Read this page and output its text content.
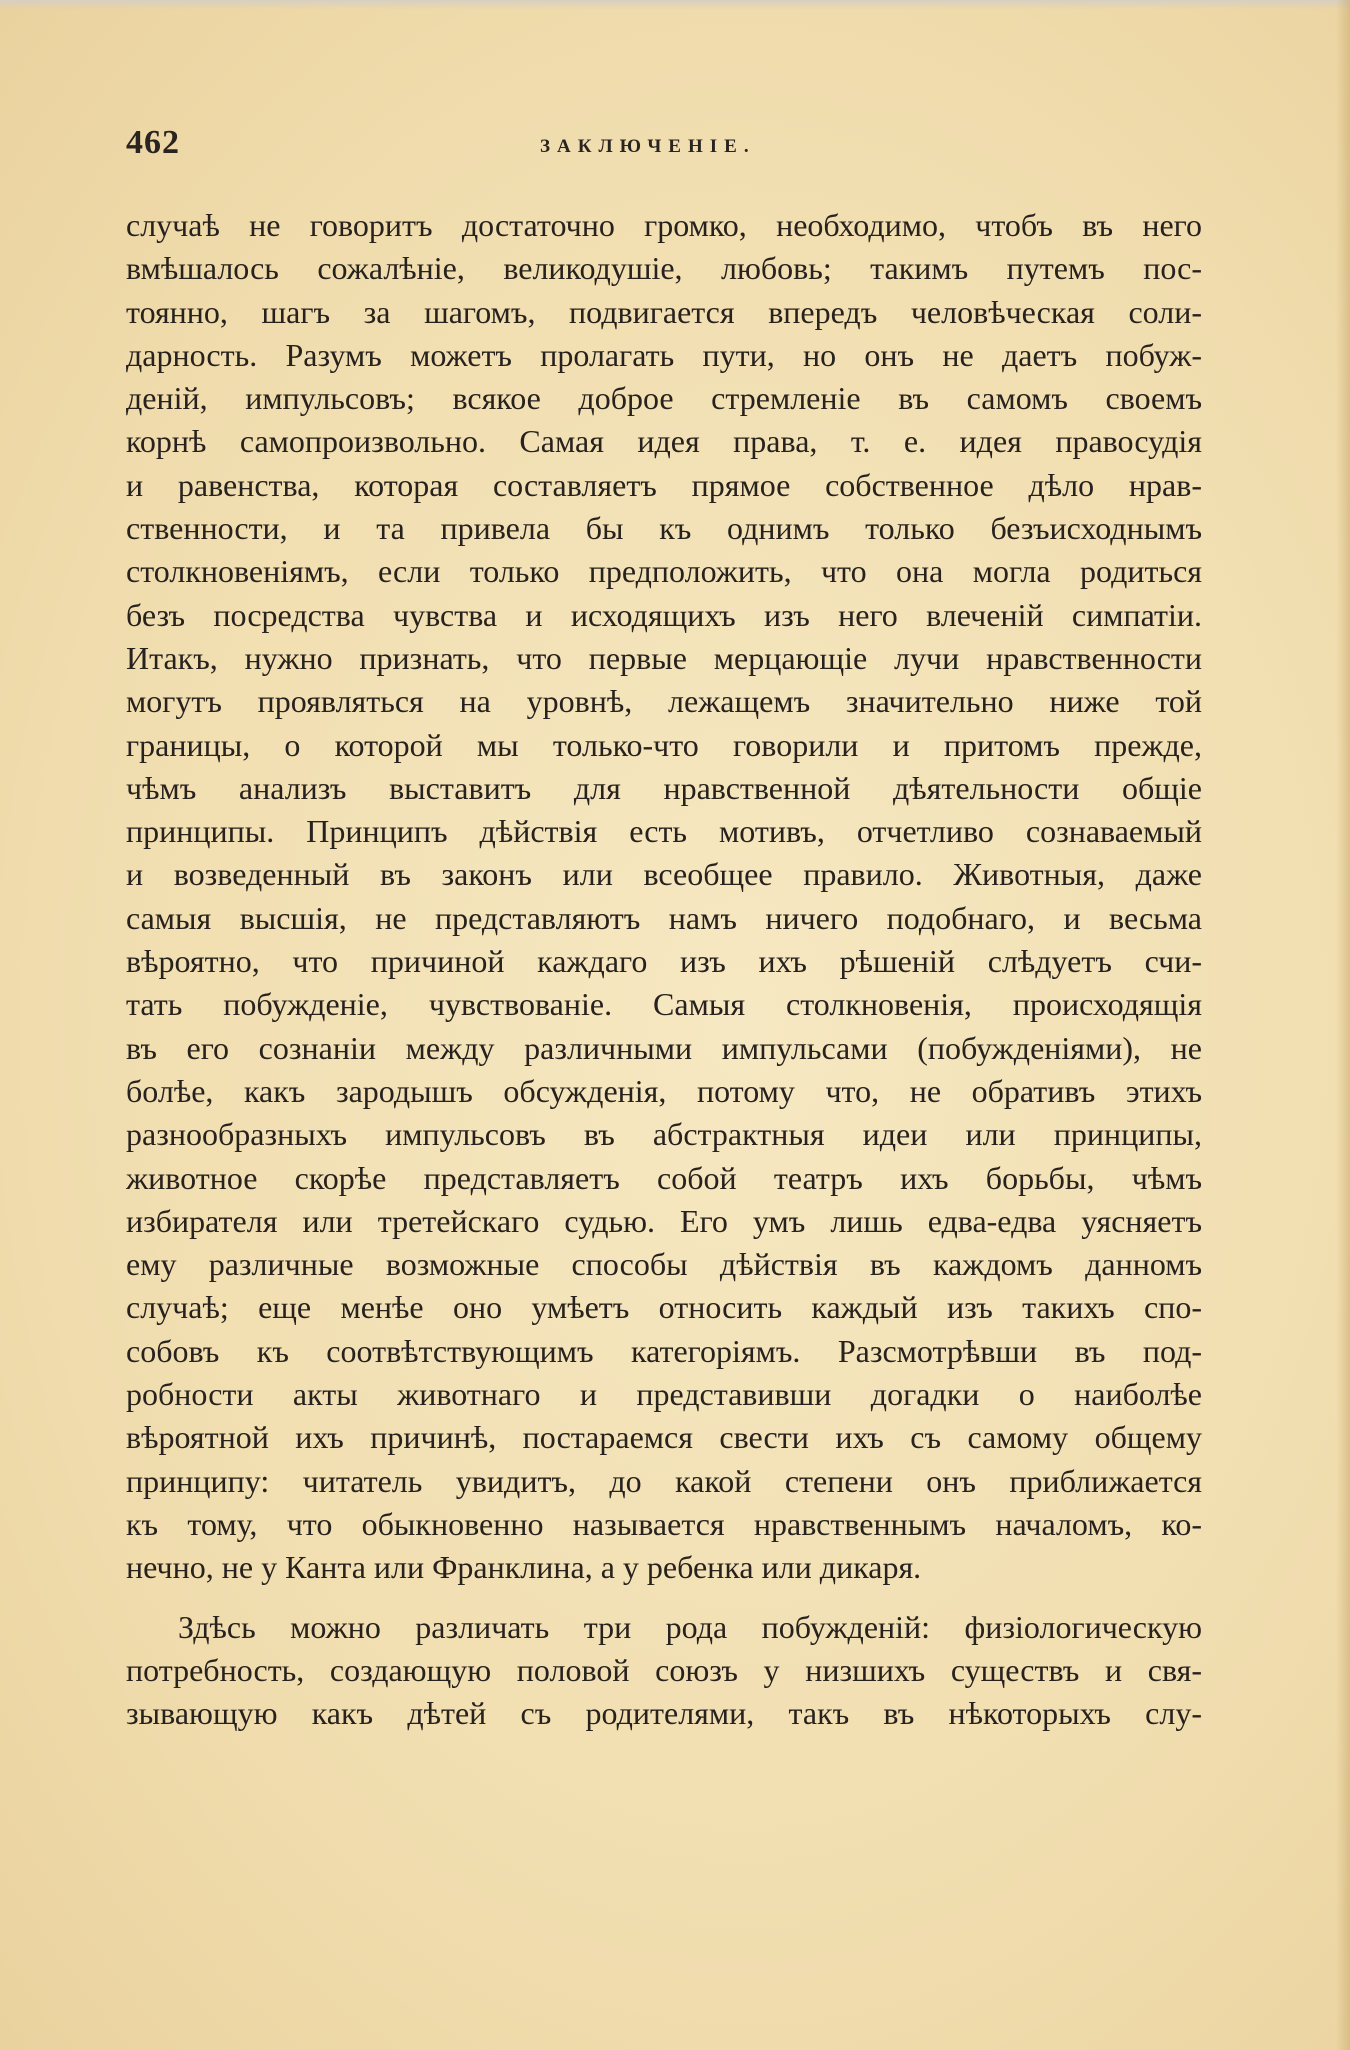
462	ЗАКЛЮЧЕНІЕ.
случаѣ не говоритъ достаточно громко, необходимо, чтобъ въ него
вмѣшалось сожалѣніе, великодушіе, любовь; такимъ путемъ пос-
тоянно, шагъ за шагомъ, подвигается впередъ человѣческая соли-
дарность. Разумъ можетъ пролагать пути, но онъ не даетъ побуж-
деній, импульсовъ; всякое доброе стремленіе въ самомъ своемъ
корнѣ самопроизвольно. Самая идея права, т. е. идея правосудія
и равенства, которая составляетъ прямое собственное дѣло нрав-
ственности, и та привела бы къ однимъ только безъисходнымъ
столкновеніямъ, если только предположить, что она могла родиться
безъ посредства чувства и исходящихъ изъ него влеченій симпатіи.
Итакъ, нужно признать, что первые мерцающіе лучи нравственности
могутъ проявляться на уровнѣ, лежащемъ значительно ниже той
границы, о которой мы только-что говорили и притомъ прежде,
чѣмъ анализъ выставитъ для нравственной дѣятельности общіе
принципы. Принципъ дѣйствія есть мотивъ, отчетливо сознаваемый
и возведенный въ законъ или всеобщее правило. Животныя, даже
самыя высшія, не представляютъ намъ ничего подобнаго, и весьма
вѣроятно, что причиной каждаго изъ ихъ рѣшеній слѣдуетъ счи-
тать побужденіе, чувствованіе. Самыя столкновенія, происходящія
въ его сознаніи между различными импульсами (побужденіями), не
болѣе, какъ зародышъ обсужденія, потому что, не обративъ этихъ
разнообразныхъ импульсовъ въ абстрактныя идеи или принципы,
животное скорѣе представляетъ собой театръ ихъ борьбы, чѣмъ
избирателя или третейскаго судью. Его умъ лишь едва-едва уясняетъ
ему различные возможные способы дѣйствія въ каждомъ данномъ
случаѣ; еще менѣе оно умѣетъ относить каждый изъ такихъ спо-
собовъ къ соотвѣтствующимъ категоріямъ. Разсмотрѣвши въ под-
робности акты животнаго и представивши догадки о наиболѣе
вѣроятной ихъ причинѣ, постараемся свести ихъ съ самому общему
принципу: читатель увидитъ, до какой степени онъ приближается
къ тому, что обыкновенно называется нравственнымъ началомъ, ко-
нечно, не у Канта или Франклина, а у ребенка или дикаря.
Здѣсь можно различать три рода побужденій: физіологическую
потребность, создающую половой союзъ у низшихъ существъ и свя-
зывающую какъ дѣтей съ родителями, такъ въ нѣкоторыхъ слу-
